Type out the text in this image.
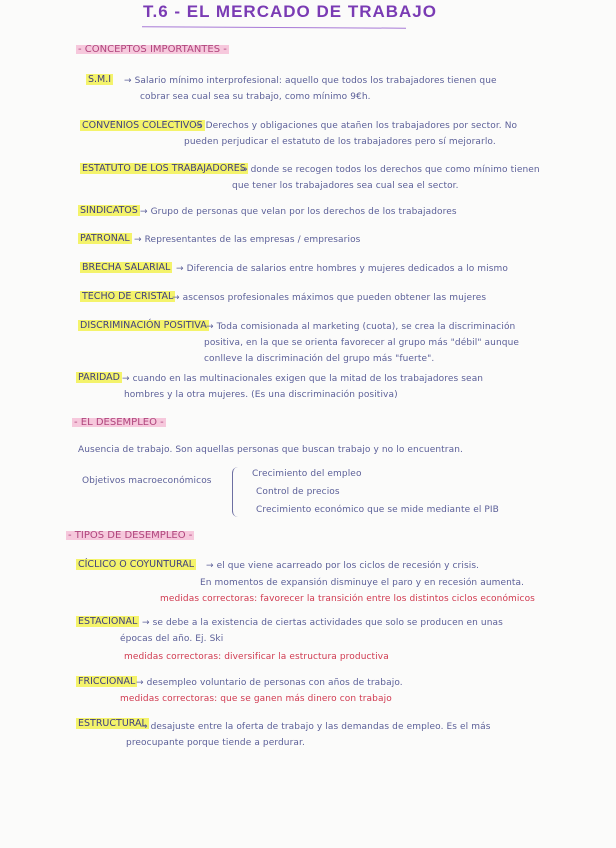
T.6 - EL MERCADO DE TRABAJO
- CONCEPTOS IMPORTANTES -
S.M.I → Salario mínimo interprofesional: aquello que todos los trabajadores tienen que
cobrar sea cual sea su trabajo, como mínimo 9€h.
CONVENIOS COLECTIVOS
→ Derechos y obligaciones que atañen los trabajadores por sector. No
pueden perjudicar el estatuto de los trabajadores pero sí mejorarlo.
ESTATUTO DE LOS TRABAJADORES
→ donde se recogen todos los derechos que como mínimo tienen
que tener los trabajadores sea cual sea el sector.
SINDICATOS → Grupo de personas que velan por los derechos de los trabajadores
PATRONAL → Representantes de las empresas / empresarios
BRECHA SALARIAL → Diferencia de salarios entre hombres y mujeres dedicados a lo mismo
TECHO DE CRISTAL
→ ascensos profesionales máximos que pueden obtener las mujeres
DISCRIMINACIÓN POSITIVA → Toda comisionada al marketing (cuota), se crea la discriminación
positiva, en la que se orienta favorecer al grupo más "débil" aunque
conlleve la discriminación del grupo más "fuerte".
PARIDAD → cuando en las multinacionales exigen que la mitad de los trabajadores sean
hombres y la otra mujeres. (Es una discriminación positiva)
- EL DESEMPLEO -
Ausencia de trabajo. Son aquellas personas que buscan trabajo y no lo encuentran.
Objetivos macroeconómicos
Crecimiento del empleo
Control de precios
Crecimiento económico que se mide mediante el PIB
- TIPOS DE DESEMPLEO -
CÍCLICO O COYUNTURAL → el que viene acarreado por los ciclos de recesión y crisis.
En momentos de expansión disminuye el paro y en recesión aumenta.
medidas correctoras: favorecer la transición entre los distintos ciclos económicos
ESTACIONAL → se debe a la existencia de ciertas actividades que solo se producen en unas
épocas del año. Ej. Ski
medidas correctoras: diversificar la estructura productiva
FRICCIONAL → desempleo voluntario de personas con años de trabajo.
medidas correctoras: que se ganen más dinero con trabajo
ESTRUCTURAL
→ desajuste entre la oferta de trabajo y las demandas de empleo. Es el más
preocupante porque tiende a perdurar.
